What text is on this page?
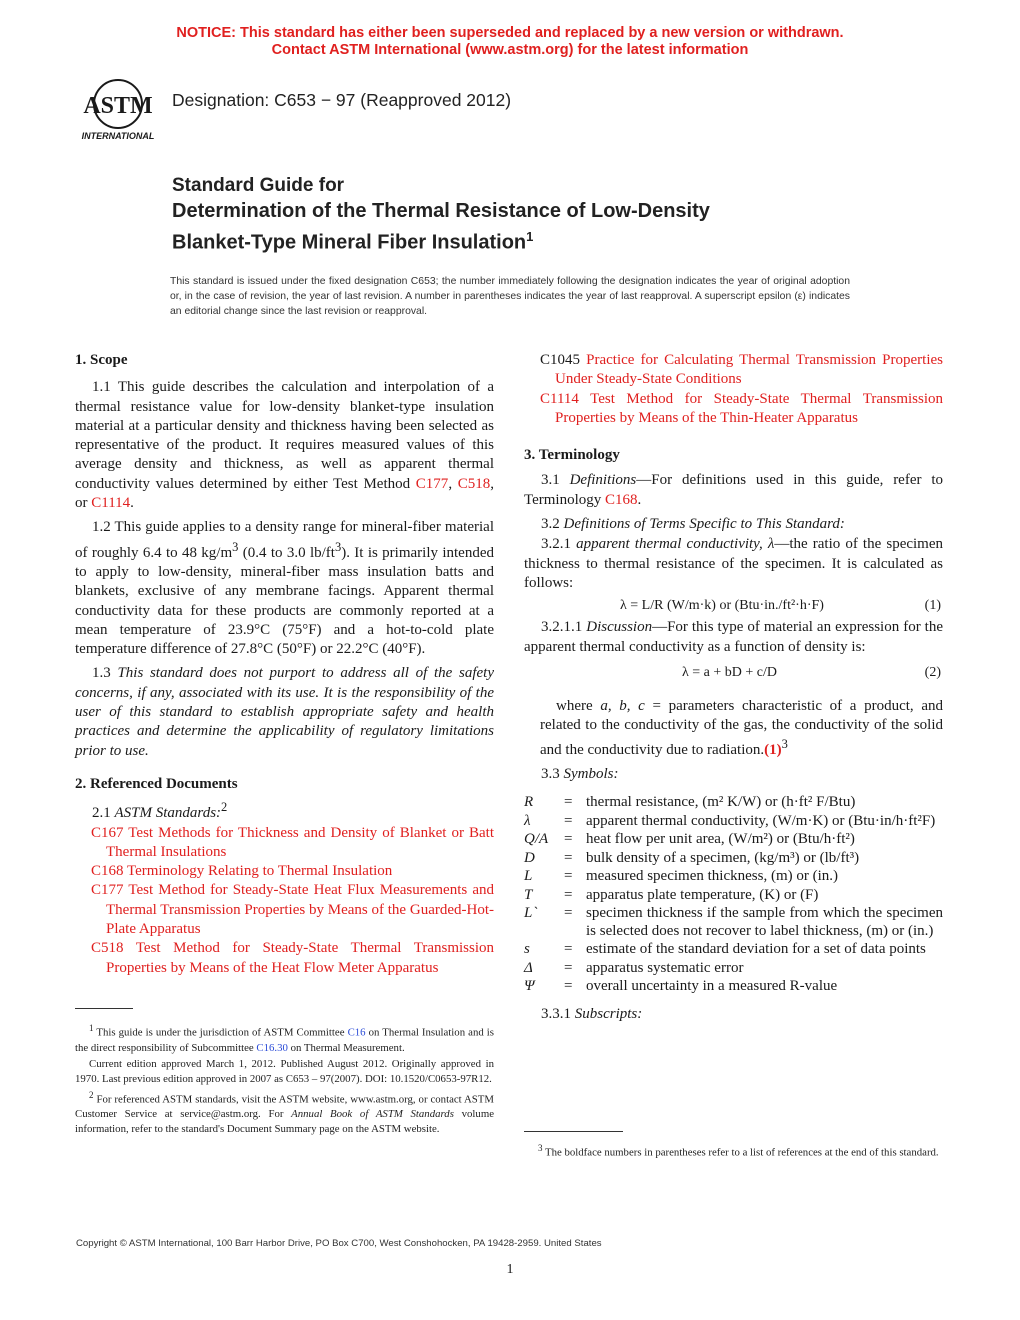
NOTICE: This standard has either been superseded and replaced by a new version or withdrawn.
Contact ASTM International (www.astm.org) for the latest information
ASTM
INTERNATIONAL
Designation: C653 − 97 (Reapproved 2012)
Standard Guide for
Determination of the Thermal Resistance of Low-Density
Blanket-Type Mineral Fiber Insulation$^1$
This standard is issued under the fixed designation C653; the number immediately following the designation indicates the year of original adoption or, in the case of revision, the year of last revision. A number in parentheses indicates the year of last reapproval. A superscript epsilon (ε) indicates an editorial change since the last revision or reapproval.
1. Scope

1.1 This guide describes the calculation and interpolation of a thermal resistance value for low-density blanket-type insulation material at a particular density and thickness having been selected as representative of the product. It requires measured values of this average density and thickness, as well as apparent thermal conductivity values determined by either Test Method C177, C518, or C1114.

1.2 This guide applies to a density range for mineral-fiber material of roughly 6.4 to 48 $kg/m^3$ (0.4 to 3.0 $lb/ft^3$). It is primarily intended to apply to low-density, mineral-fiber mass insulation batts and blankets, exclusive of any membrane facings. Apparent thermal conductivity data for these products are commonly reported at a mean temperature of 23.9°C (75°F) and a hot-to-cold plate temperature difference of 27.8°C (50°F) or 22.2°C (40°F).

1.3 This standard does not purport to address all of the safety concerns, if any, associated with its use. It is the responsibility of the user of this standard to establish appropriate safety and health practices and determine the applicability of regulatory limitations prior to use.

2. Referenced Documents

2.1 ASTM Standards:$^2$

C167 Test Methods for Thickness and Density of Blanket or Batt Thermal Insulations

C168 Terminology Relating to Thermal Insulation

C177 Test Method for Steady-State Heat Flux Measurements and Thermal Transmission Properties by Means of the Guarded-Hot-Plate Apparatus

C518 Test Method for Steady-State Thermal Transmission Properties by Means of the Heat Flow Meter Apparatus

$^1$ This guide is under the jurisdiction of ASTM Committee C16 on Thermal Insulation and is the direct responsibility of Subcommittee C16.30 on Thermal Measurement.

Current edition approved March 1, 2012. Published August 2012. Originally approved in 1970. Last previous edition approved in 2007 as C653 – 97(2007). DOI: 10.1520/C0653-97R12.

$^2$ For referenced ASTM standards, visit the ASTM website, www.astm.org, or contact ASTM Customer Service at service@astm.org. For Annual Book of ASTM Standards volume information, refer to the standard's Document Summary page on the ASTM website.

C1045 Practice for Calculating Thermal Transmission Properties Under Steady-State Conditions

C1114 Test Method for Steady-State Thermal Transmission Properties by Means of the Thin-Heater Apparatus

3. Terminology

3.1 Definitions—For definitions used in this guide, refer to Terminology C168.

3.2 Definitions of Terms Specific to This Standard:

3.2.1 apparent thermal conductivity, λ—the ratio of the specimen thickness to thermal resistance of the specimen. It is calculated as follows:

λ = L/R (W/m·k) or (Btu·in./ft²·h·F)	(1)

3.2.1.1 Discussion—For this type of material an expression for the apparent thermal conductivity as a function of density is:

λ = a + bD + c/D	(2)

where a, b, c = parameters characteristic of a product, and related to the conductivity of the gas, the conductivity of the solid and the conductivity due to $radiation.(1)^3$

3.3 Symbols:

R	=	thermal resistance, (m² K/W) or (h·ft² F/Btu)
λ	=	apparent thermal conductivity, (W/m·K) or (Btu·in/h·ft²F)
Q/A	=	heat flow per unit area, (W/m²) or (Btu/h·ft²)
D	=	bulk density of a specimen, (kg/m³) or (lb/ft³)
L	=	measured specimen thickness, (m) or (in.)
T	=	apparatus plate temperature, (K) or (F)
L`	=	specimen thickness if the sample from which the specimen is selected does not recover to label thickness, (m) or (in.)
s	=	estimate of the standard deviation for a set of data points
Δ	=	apparatus systematic error
Ψ	=	overall uncertainty in a measured R-value

3.3.1 Subscripts:

$^3$ The boldface numbers in parentheses refer to a list of references at the end of this standard.

Copyright © ASTM International, 100 Barr Harbor Drive, PO Box C700, West Conshohocken, PA 19428-2959. United States
1
